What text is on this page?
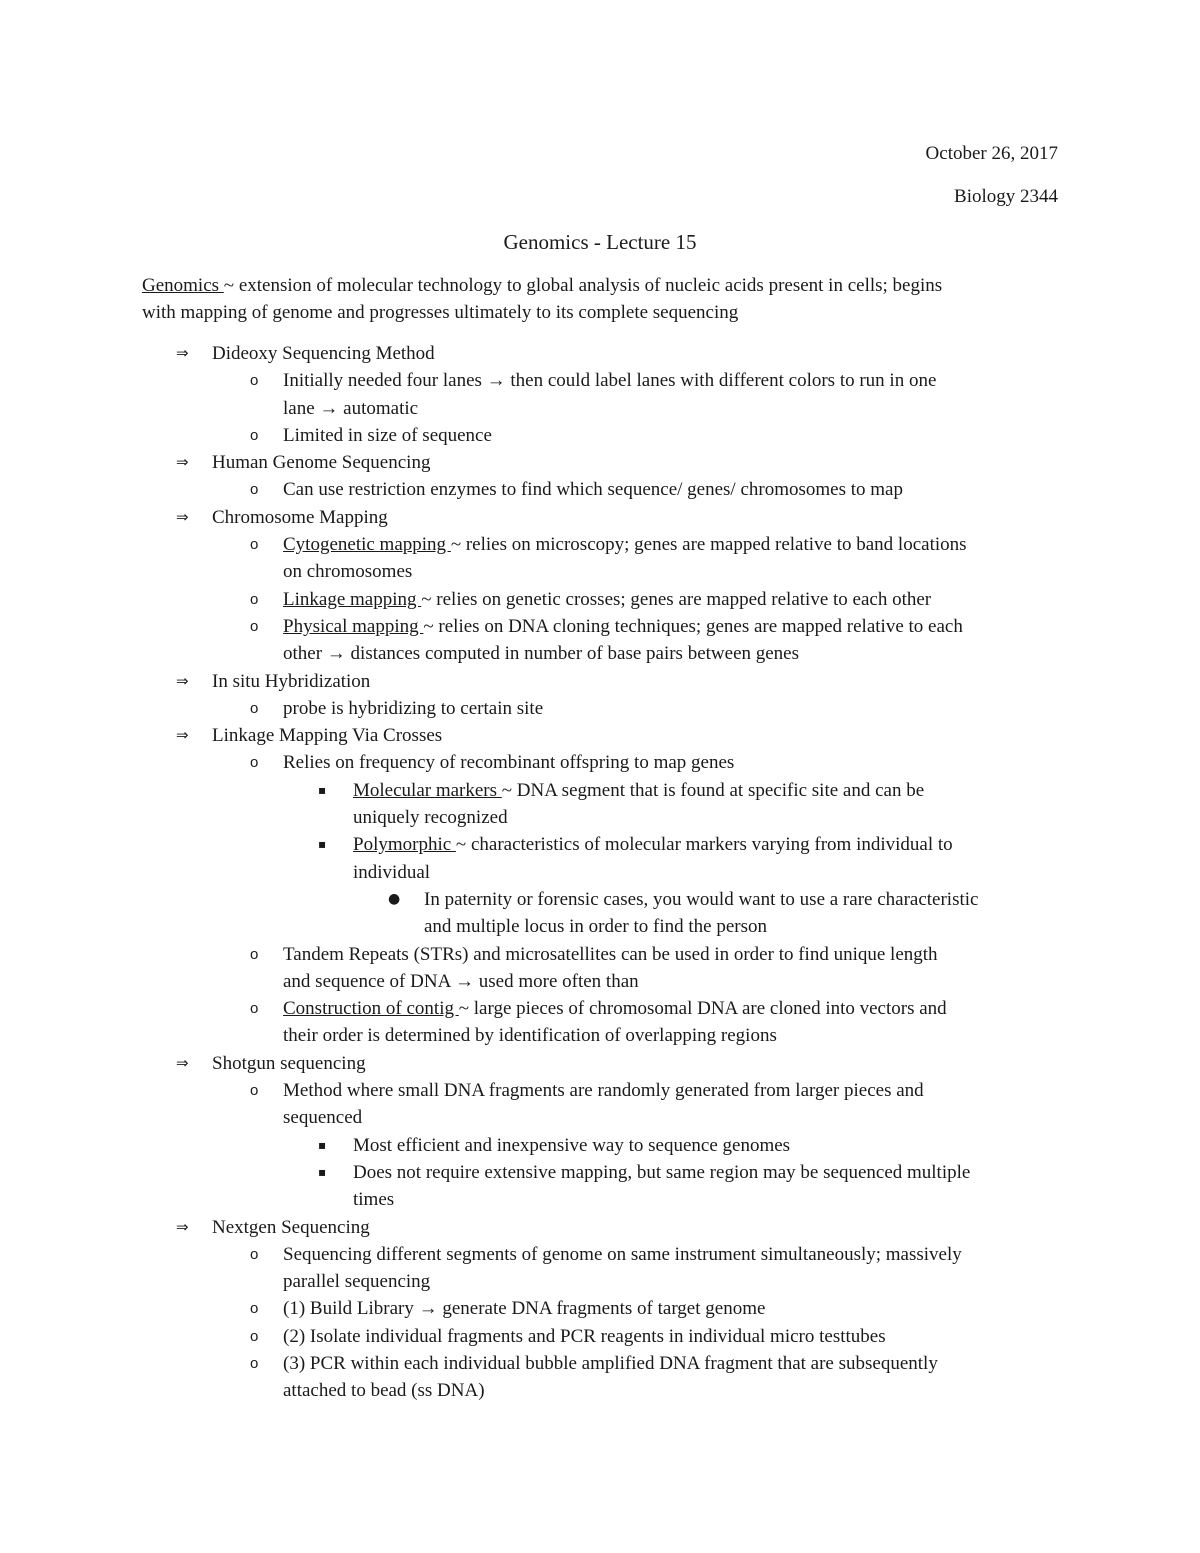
October 26, 2017
Biology 2344
Genomics - Lecture 15
Genomics ~ extension of molecular technology to global analysis of nucleic acids present in cells; begins
with mapping of genome and progresses ultimately to its complete sequencing
⇒ Dideoxy Sequencing Method
o Initially needed four lanes → then could label lanes with different colors to run in one
lane → automatic
o Limited in size of sequence
⇒ Human Genome Sequencing
o Can use restriction enzymes to find which sequence/ genes/ chromosomes to map
⇒ Chromosome Mapping
o Cytogenetic mapping ~ relies on microscopy; genes are mapped relative to band locations
on chromosomes
o Linkage mapping ~ relies on genetic crosses; genes are mapped relative to each other
o Physical mapping ~ relies on DNA cloning techniques; genes are mapped relative to each
other → distances computed in number of base pairs between genes
⇒ In situ Hybridization
o probe is hybridizing to certain site
⇒ Linkage Mapping Via Crosses
o Relies on frequency of recombinant offspring to map genes
▪ Molecular markers ~ DNA segment that is found at specific site and can be
uniquely recognized
▪ Polymorphic ~ characteristics of molecular markers varying from individual to
individual
● In paternity or forensic cases, you would want to use a rare characteristic
and multiple locus in order to find the person
o Tandem Repeats (STRs) and microsatellites can be used in order to find unique length
and sequence of DNA → used more often than
o Construction of contig ~ large pieces of chromosomal DNA are cloned into vectors and
their order is determined by identification of overlapping regions
⇒ Shotgun sequencing
o Method where small DNA fragments are randomly generated from larger pieces and
sequenced
▪ Most efficient and inexpensive way to sequence genomes
▪ Does not require extensive mapping, but same region may be sequenced multiple
times
⇒ Nextgen Sequencing
o Sequencing different segments of genome on same instrument simultaneously; massively
parallel sequencing
o (1) Build Library → generate DNA fragments of target genome
o (2) Isolate individual fragments and PCR reagents in individual micro testtubes
o (3) PCR within each individual bubble amplified DNA fragment that are subsequently
attached to bead (ss DNA)
